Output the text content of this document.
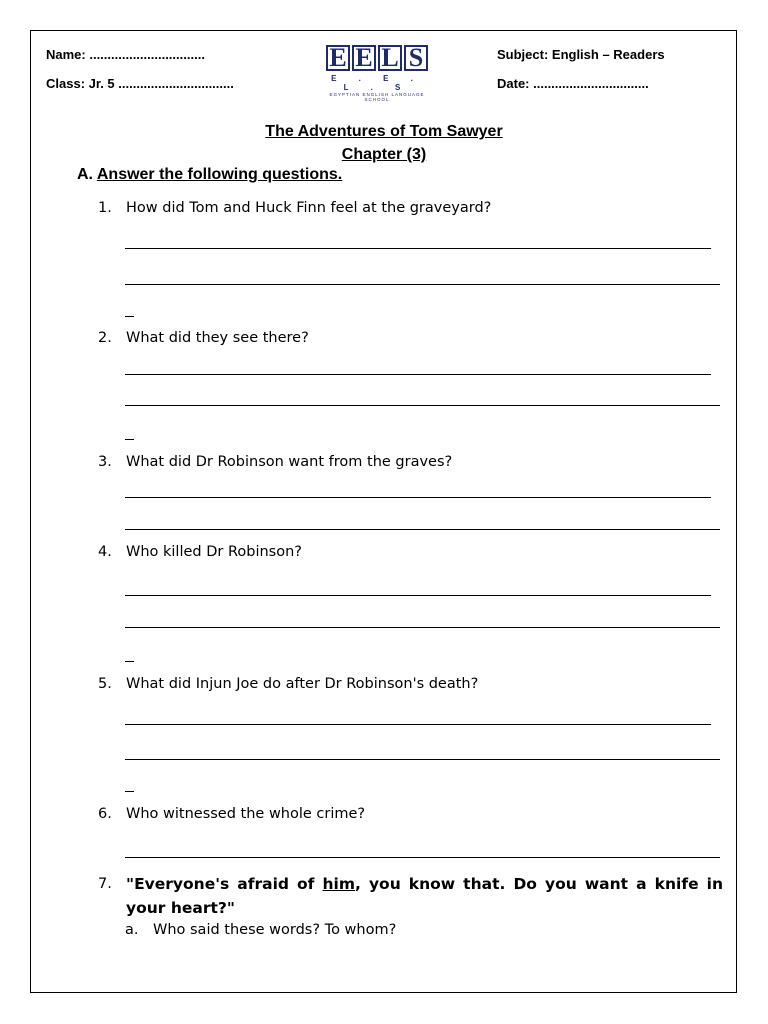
Name: ................................
Class: Jr. 5 ................................
Subject: English – Readers
Date: ................................
E E L S
E . E . L . S
EGYPTIAN ENGLISH LANGUAGE SCHOOL
The Adventures of Tom Sawyer
Chapter (3)
A. Answer the following questions.
1. How did Tom and Huck Finn feel at the graveyard?
2. What did they see there?
3. What did Dr Robinson want from the graves?
4. Who killed Dr Robinson?
5. What did Injun Joe do after Dr Robinson's death?
6. Who witnessed the whole crime?
7. "Everyone's afraid of him, you know that. Do you want a knife in your heart?"
a. Who said these words? To whom?
